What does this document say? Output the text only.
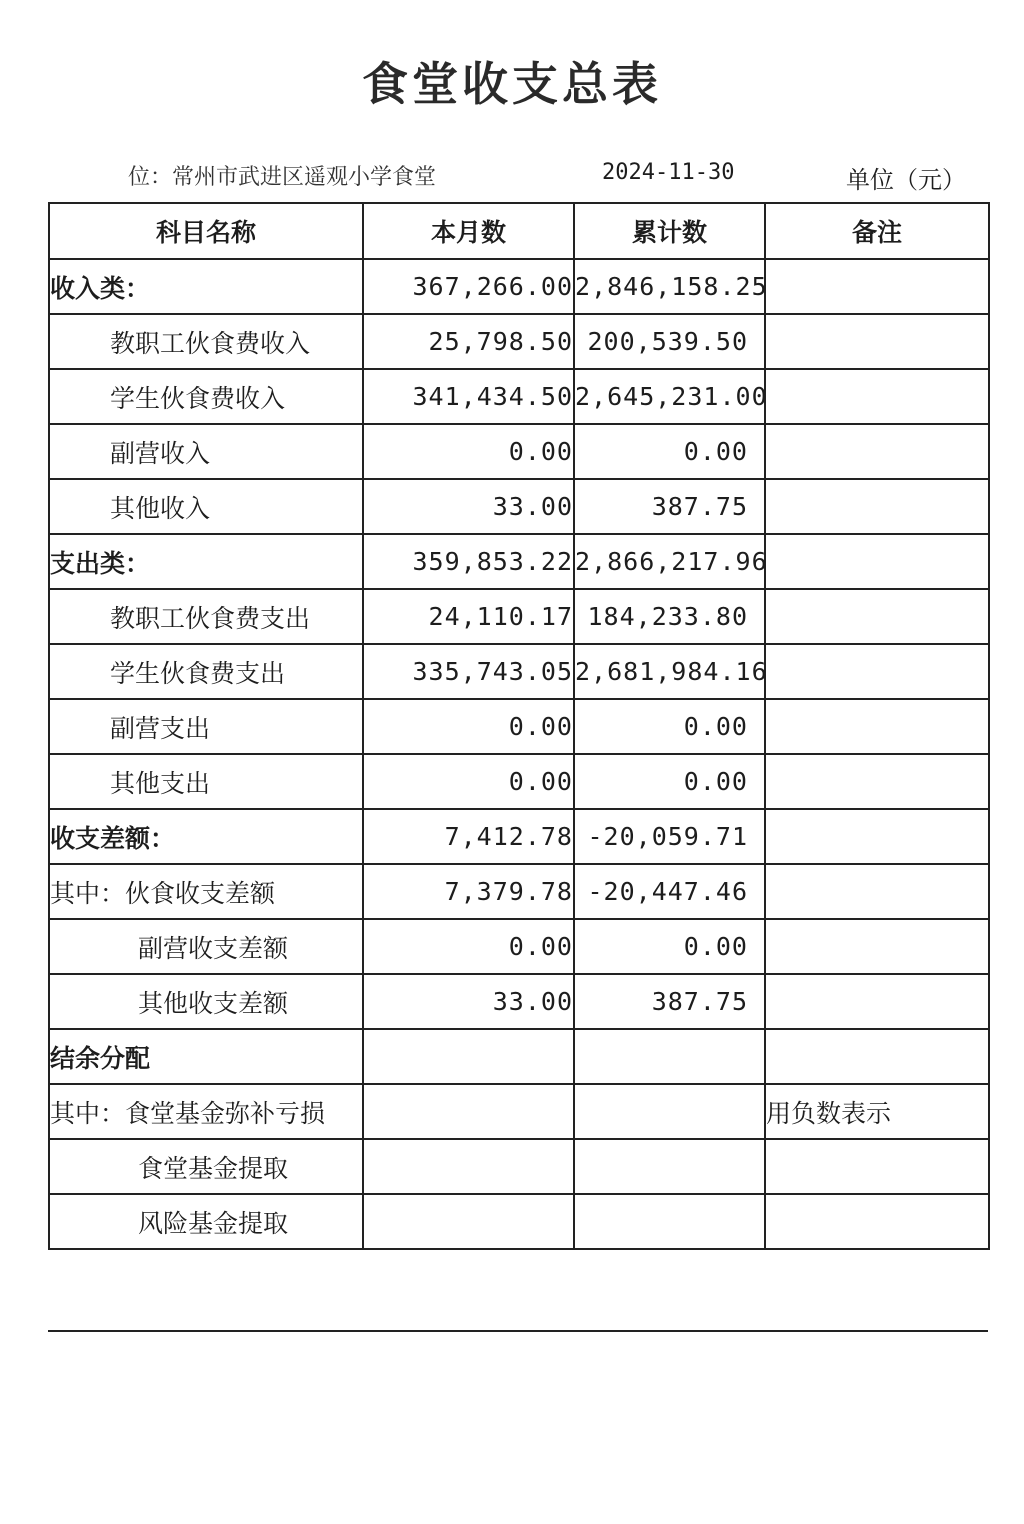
食堂收支总表
位：常州市武进区遥观小学食堂	2024-11-30	单位（元）
科目名称	本月数	累计数	备注
收入类：	367,266.00	2,846,158.25	
教职工伙食费收入	25,798.50	200,539.50	
学生伙食费收入	341,434.50	2,645,231.00	
副营收入	0.00	0.00	
其他收入	33.00	387.75	
支出类：	359,853.22	2,866,217.96	
教职工伙食费支出	24,110.17	184,233.80	
学生伙食费支出	335,743.05	2,681,984.16	
副营支出	0.00	0.00	
其他支出	0.00	0.00	
收支差额：	7,412.78	-20,059.71	
其中：伙食收支差额	7,379.78	-20,447.46	
副营收支差额	0.00	0.00	
其他收支差额	33.00	387.75	
结余分配			
其中：食堂基金弥补亏损			用负数表示
食堂基金提取			
风险基金提取			
